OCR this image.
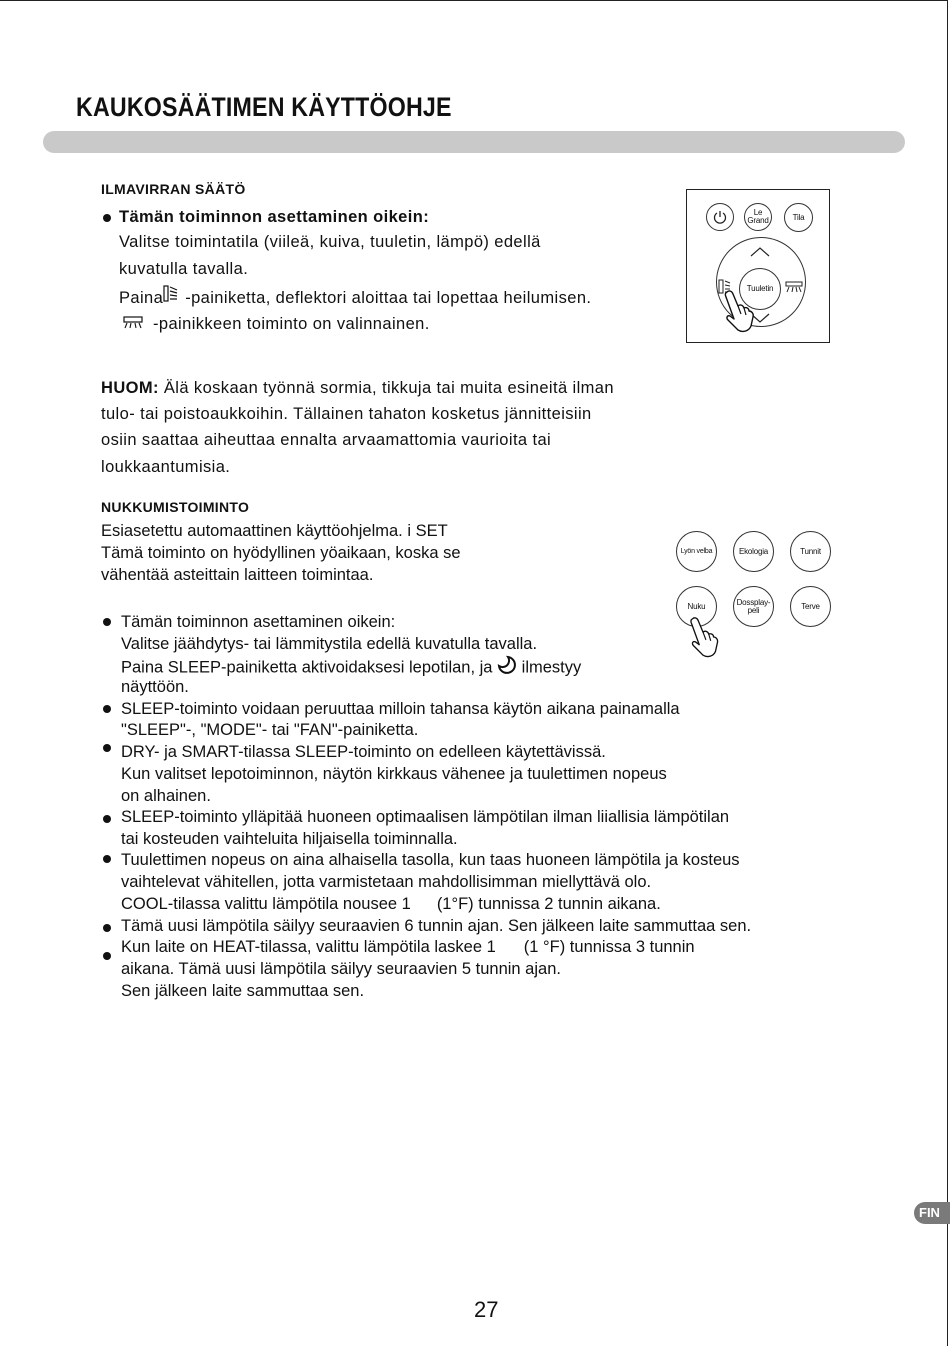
KAUKOSÄÄTIMEN KÄYTTÖOHJE
ILMAVIRRAN SÄÄTÖ
Tämän toiminnon asettaminen oikein:
Valitse toimintatila (viileä, kuiva, tuuletin, lämpö) edellä
kuvatulla tavalla.
Paina -painiketta, deflektori aloittaa tai lopettaa heilumisen.
-painikkeen toiminto on valinnainen.
Le Grand	Tila
Tuuletin
HUOM: Älä koskaan työnnä sormia, tikkuja tai muita esineitä ilman
tulo- tai poistoaukkoihin. Tällainen tahaton kosketus jännitteisiin
osiin saattaa aiheuttaa ennalta arvaamattomia vaurioita tai
loukkaantumisia.
NUKKUMISTOIMINTO
Esiasetettu automaattinen käyttöohjelma. i SET
Tämä toiminto on hyödyllinen yöaikaan, koska se
vähentää asteittain laitteen toimintaa.
Lyön velba	Ekologia	Tunnit
Nuku	Dossplay-peli	Terve
Tämän toiminnon asettaminen oikein:
Valitse jäähdytys- tai lämmitystila edellä kuvatulla tavalla.
Paina SLEEP-painiketta aktivoidaksesi lepotilan, ja ilmestyy
näyttöön.
SLEEP-toiminto voidaan peruuttaa milloin tahansa käytön aikana painamalla
"SLEEP"-, "MODE"- tai "FAN"-painiketta.
DRY- ja SMART-tilassa SLEEP-toiminto on edelleen käytettävissä.
Kun valitset lepotoiminnon, näytön kirkkaus vähenee ja tuulettimen nopeus
on alhainen.
SLEEP-toiminto ylläpitää huoneen optimaalisen lämpötilan ilman liiallisia lämpötilan
tai kosteuden vaihteluita hiljaisella toiminnalla.
Tuulettimen nopeus on aina alhaisella tasolla, kun taas huoneen lämpötila ja kosteus
vaihtelevat vähitellen, jotta varmistetaan mahdollisimman miellyttävä olo.
COOL-tilassa valittu lämpötila nousee 1 (1°F) tunnissa 2 tunnin aikana.
Tämä uusi lämpötila säilyy seuraavien 6 tunnin ajan. Sen jälkeen laite sammuttaa sen.
Kun laite on HEAT-tilassa, valittu lämpötila laskee 1 (1 °F) tunnissa 3 tunnin
aikana. Tämä uusi lämpötila säilyy seuraavien 5 tunnin ajan.
Sen jälkeen laite sammuttaa sen.
FIN
27
